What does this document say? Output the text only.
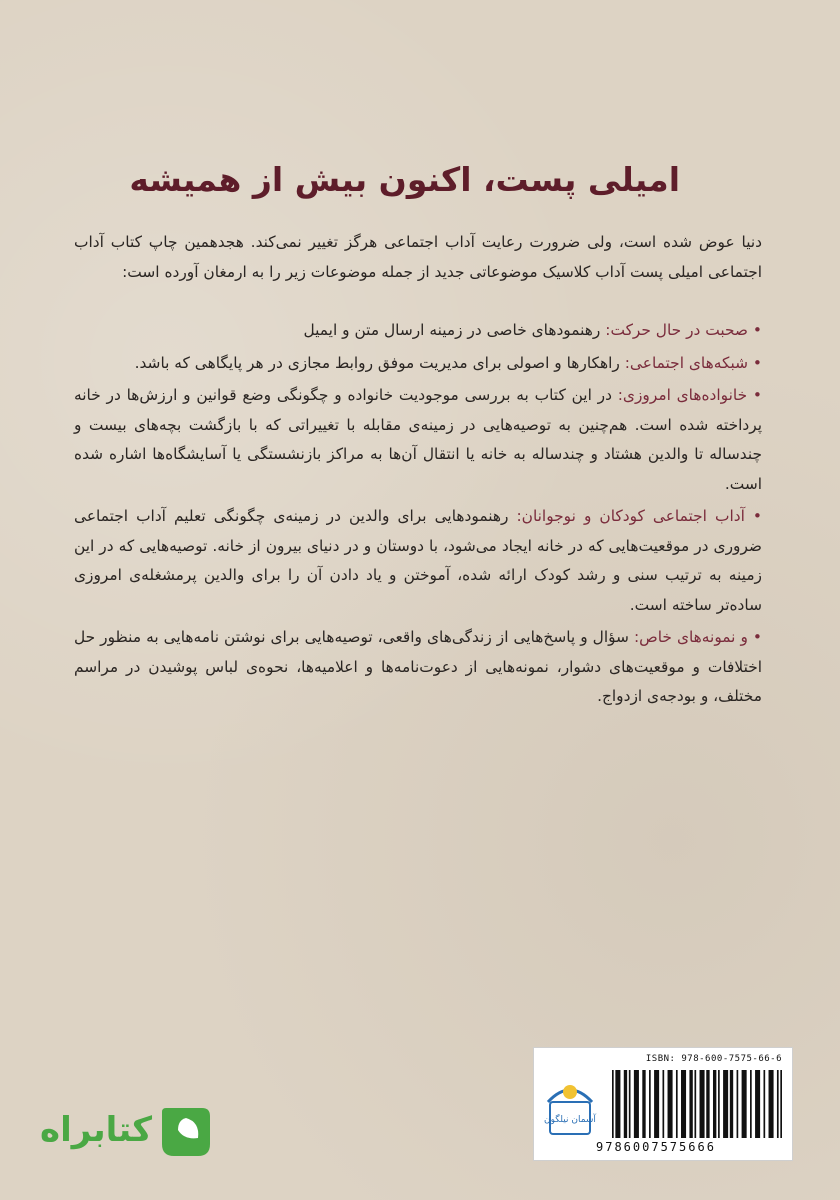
امیلی پست، اکنون بیش از همیشه

دنیا عوض شده است، ولی ضرورت رعایت آداب اجتماعی هرگز تغییر نمی‌کند. هجدهمین چاپ کتاب آداب اجتماعی امیلی پست آداب کلاسیک موضوعاتی جدید از جمله موضوعات زیر را به ارمغان آورده است:

• صحبت در حال حرکت: رهنمودهای خاصی در زمینه ارسال متن و ایمیل

• شبکه‌های اجتماعی: راهکارها و اصولی برای مدیریت موفق روابط مجازی در هر پایگاهی که باشد.

• خانواده‌های امروزی: در این کتاب به بررسی موجودیت خانواده و چگونگی وضع قوانین و ارزش‌ها در خانه پرداخته شده است. هم‌چنین به توصیه‌هایی در زمینه‌ی مقابله با تغییراتی که با بازگشت بچه‌های بیست و چندساله تا والدین هشتاد و چندساله به خانه یا انتقال آن‌ها به مراکز بازنشستگی یا آسایشگاه‌ها اشاره شده است.

• آداب اجتماعی کودکان و نوجوانان: رهنمودهایی برای والدین در زمینه‌ی چگونگی تعلیم آداب اجتماعی ضروری در موقعیت‌هایی که در خانه ایجاد می‌شود، با دوستان و در دنیای بیرون از خانه. توصیه‌هایی که در این زمینه به ترتیب سنی و رشد کودک ارائه شده، آموختن و یاد دادن آن را برای والدین پرمشغله‌ی امروزی ساده‌تر ساخته است.

• و نمونه‌های خاص: سؤال و پاسخ‌هایی از زندگی‌های واقعی، توصیه‌هایی برای نوشتن نامه‌هایی به منظور حل اختلافات و موقعیت‌های دشوار، نمونه‌هایی از دعوت‌نامه‌ها و اعلامیه‌ها، نحوه‌ی لباس پوشیدن در مراسم مختلف، و بودجه‌ی ازدواج.

ISBN: 978-600-7575-66-6
آسمان نیلگون
9786007575666
کتابراه
